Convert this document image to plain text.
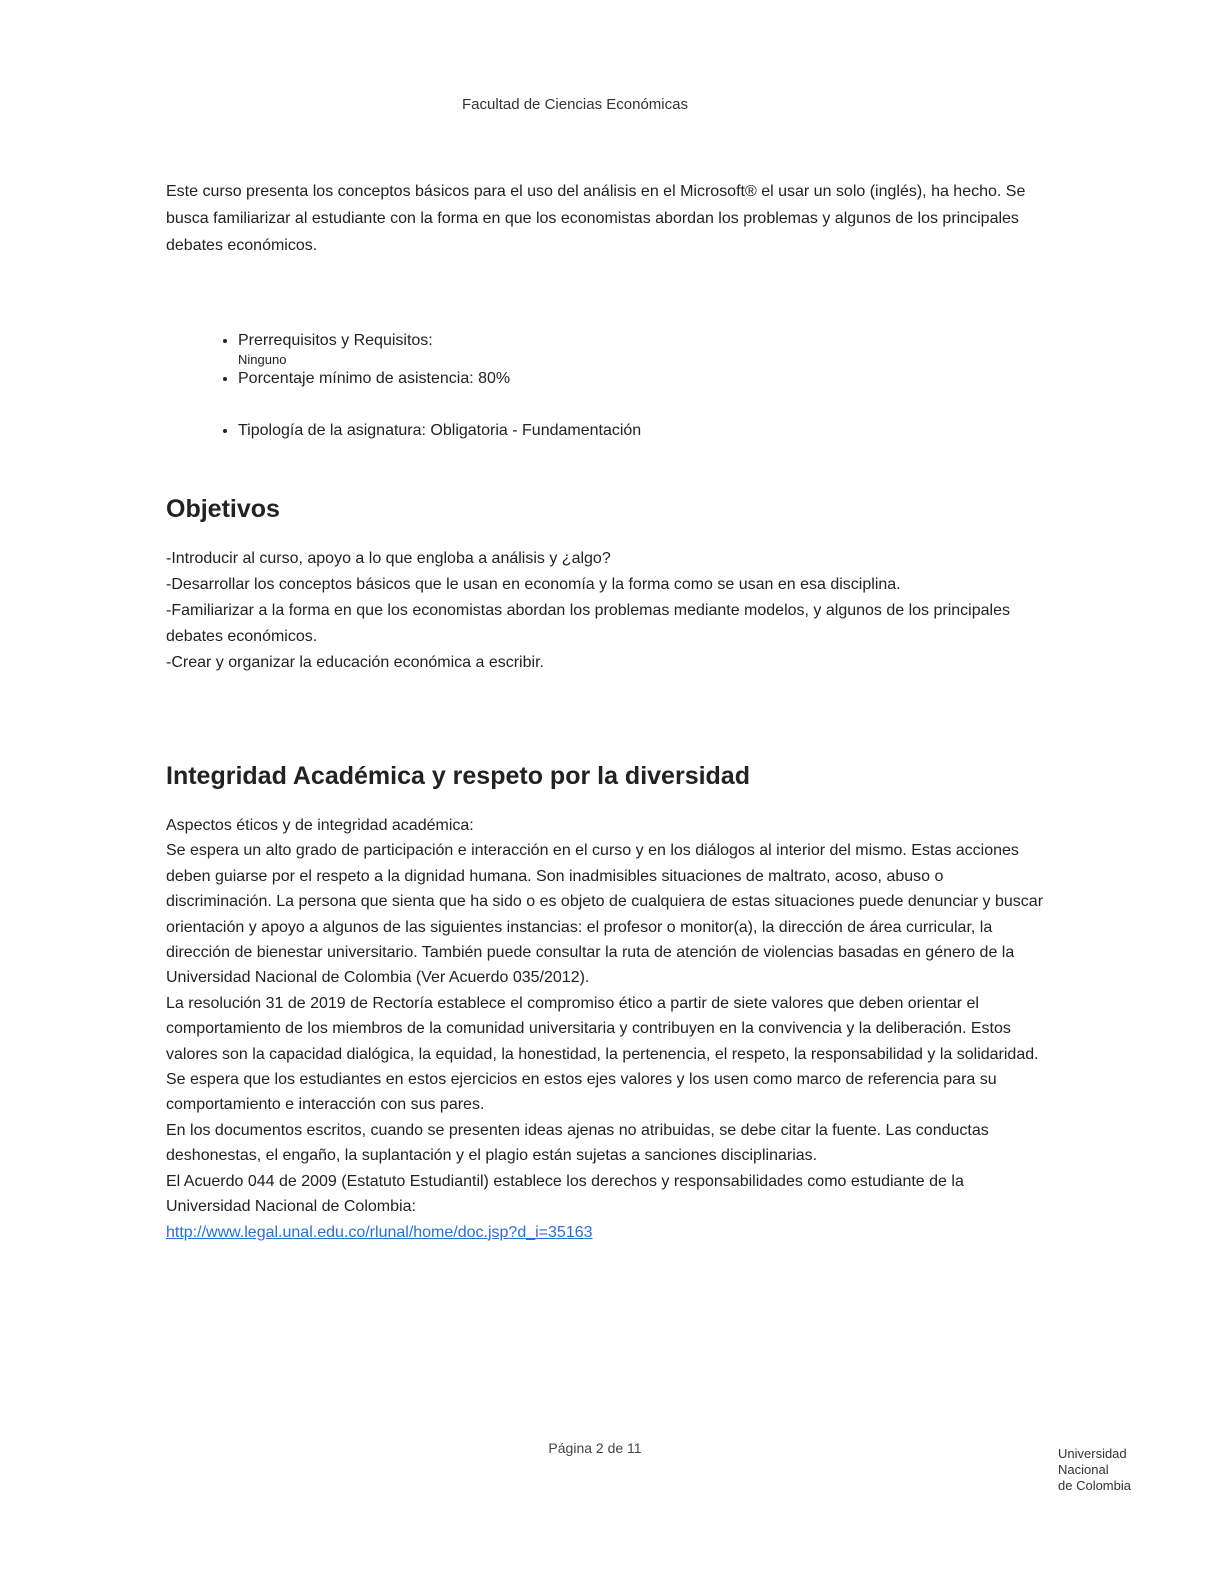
Facultad de Ciencias Económicas

Este curso presenta los conceptos básicos para el uso del análisis en el Microsoft® el usar un solo (inglés), ha hecho. Se busca familiarizar al estudiante con la forma en que los economistas abordan los problemas y algunos de los principales debates económicos.

• Prerrequisitos y Requisitos:
Ninguno
• Porcentaje mínimo de asistencia: 80%
• Tipología de la asignatura: Obligatoria - Fundamentación
Objetivos

-Introducir al curso, apoyo a lo que engloba a análisis y ¿algo?
-Desarrollar los conceptos básicos que le usan en economía y la forma como se usan en esa disciplina.
-Familiarizar a la forma en que los economistas abordan los problemas mediante modelos, y algunos de los principales debates económicos.
-Crear y organizar la educación económica a escribir.

Integridad Académica y respeto por la diversidad

Aspectos éticos y de integridad académica:
Se espera un alto grado de participación e interacción en el curso y en los diálogos al interior del mismo. Estas acciones deben guiarse por el respeto a la dignidad humana. Son inadmisibles situaciones de maltrato, acoso, abuso o discriminación. La persona que sienta que ha sido o es objeto de cualquiera de estas situaciones puede denunciar y buscar orientación y apoyo a algunos de las siguientes instancias: el profesor o monitor(a), la dirección de área curricular, la dirección de bienestar universitario. También puede consultar la ruta de atención de violencias basadas en género de la Universidad Nacional de Colombia (Ver Acuerdo 035/2012).
La resolución 31 de 2019 de Rectoría establece el compromiso ético a partir de siete valores que deben orientar el comportamiento de los miembros de la comunidad universitaria y contribuyen en la convivencia y la deliberación. Estos valores son la capacidad dialógica, la equidad, la honestidad, la pertenencia, el respeto, la responsabilidad y la solidaridad. Se espera que los estudiantes en estos ejercicios en estos ejes valores y los usen como marco de referencia para su comportamiento e interacción con sus pares.
En los documentos escritos, cuando se presenten ideas ajenas no atribuidas, se debe citar la fuente. Las conductas deshonestas, el engaño, la suplantación y el plagio están sujetas a sanciones disciplinarias.
El Acuerdo 044 de 2009 (Estatuto Estudiantil) establece los derechos y responsabilidades como estudiante de la Universidad Nacional de Colombia:

http://www.legal.unal.edu.co/rlunal/home/doc.jsp?d_i=35163
Página 2 de 11	Universidad
Nacional
de Colombia
